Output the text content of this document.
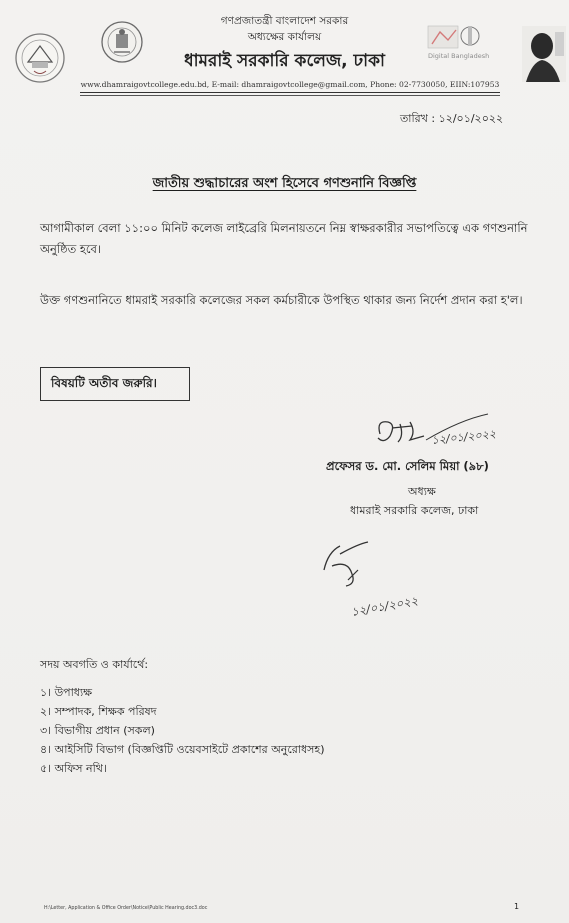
Digital Bangladesh
গণপ্রজাতন্ত্রী বাংলাদেশ সরকার
অধ্যক্ষের কার্যালয়
ধামরাই সরকারি কলেজ, ঢাকা
www.dhamraigovtcollege.edu.bd, E-mail: dhamraigovtcollege@gmail.com, Phone: 02-7730050, EIIN:107953
তারিখ : ১২/০১/২০২২
জাতীয় শুদ্ধাচারের অংশ হিসেবে গণশুনানি বিজ্ঞপ্তি
আগামীকাল বেলা ১১:০০ মিনিট কলেজ লাইব্রেরি মিলনায়তনে নিম্ন স্বাক্ষরকারীর সভাপতিত্বে এক গণশুনানি অনুষ্ঠিত হবে।
উক্ত গণশুনানিতে ধামরাই সরকারি কলেজের সকল কর্মচারীকে উপস্থিত থাকার জন্য নির্দেশ প্রদান করা হ'ল।
বিষয়টি অতীব জরুরি।
১২/০১/২০২২
প্রফেসর ড. মো. সেলিম মিয়া (৯৮)
অধ্যক্ষ
ধামরাই সরকারি কলেজ, ঢাকা
১২/০১/২০২২
সদয় অবগতি ও কার্যার্থে:
১। উপাধ্যক্ষ
২। সম্পাদক, শিক্ষক পরিষদ
৩। বিভাগীয় প্রধান (সকল)
৪। আইসিটি বিভাগ (বিজ্ঞপ্তিটি ওয়েবসাইটে প্রকাশের অনুরোধসহ)
৫। অফিস নথি।
H:\Letter, Application & Office Order\Notice\Public Hearing.doc3.doc	1
